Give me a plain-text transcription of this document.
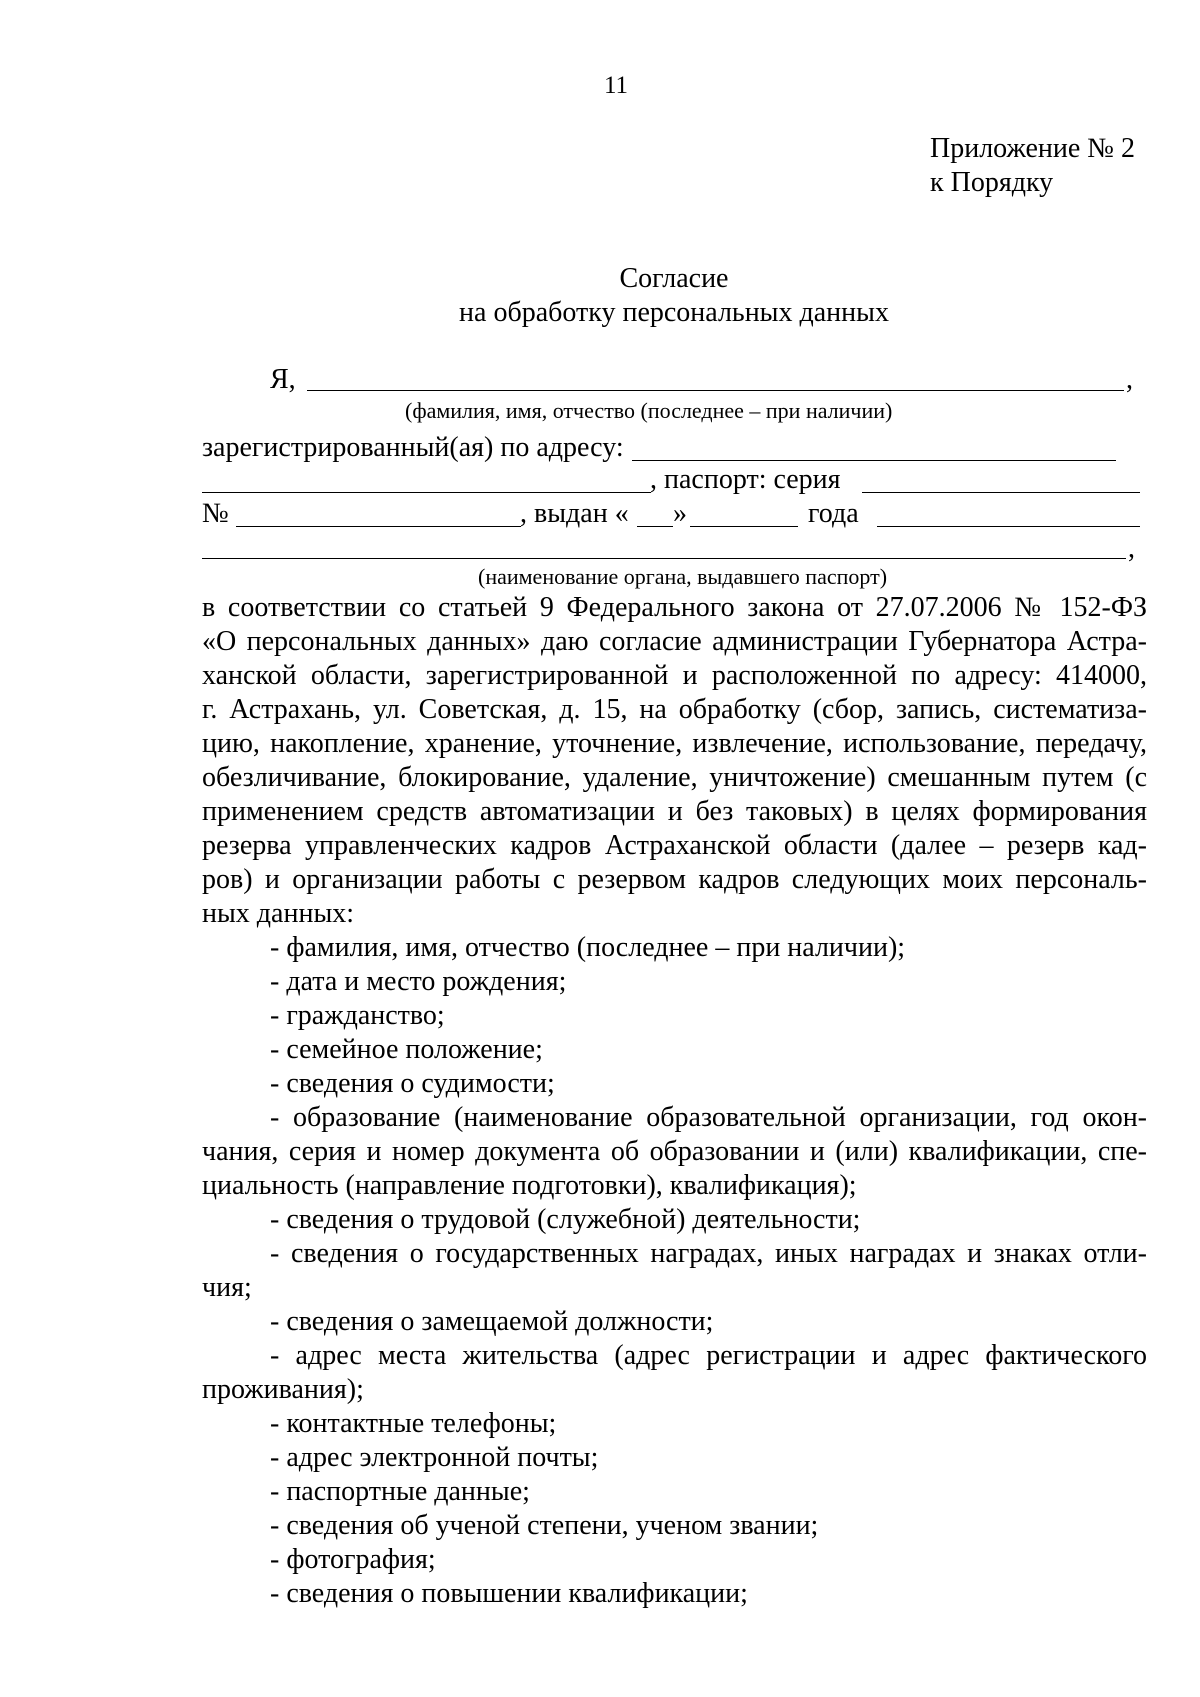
11
Приложение № 2
к Порядку
Согласие
на обработку персональных данных
Я,	,
(фамилия, имя, отчество (последнее – при наличии)
зарегистрированный(ая) по адресу:
, паспорт: серия
№	, выдан « »	года
,
(наименование органа, выдавшего паспорт)
в соответствии со статьей 9 Федерального закона от 27.07.2006 № 152-ФЗ
«О персональных данных» даю согласие администрации Губернатора Астра-
ханской области, зарегистрированной и расположенной по адресу: 414000,
г. Астрахань, ул. Советская, д. 15, на обработку (сбор, запись, систематиза-
цию, накопление, хранение, уточнение, извлечение, использование, передачу,
обезличивание, блокирование, удаление, уничтожение) смешанным путем (с
применением средств автоматизации и без таковых) в целях формирования
резерва управленческих кадров Астраханской области (далее – резерв кад-
ров) и организации работы с резервом кадров следующих моих персональ-
ных данных:
- фамилия, имя, отчество (последнее – при наличии);
- дата и место рождения;
- гражданство;
- семейное положение;
- сведения о судимости;
- образование (наименование образовательной организации, год окон-
чания, серия и номер документа об образовании и (или) квалификации, спе-
циальность (направление подготовки), квалификация);
- сведения о трудовой (служебной) деятельности;
- сведения о государственных наградах, иных наградах и знаках отли-
чия;
- сведения о замещаемой должности;
- адрес места жительства (адрес регистрации и адрес фактического
проживания);
- контактные телефоны;
- адрес электронной почты;
- паспортные данные;
- сведения об ученой степени, ученом звании;
- фотография;
- сведения о повышении квалификации;
